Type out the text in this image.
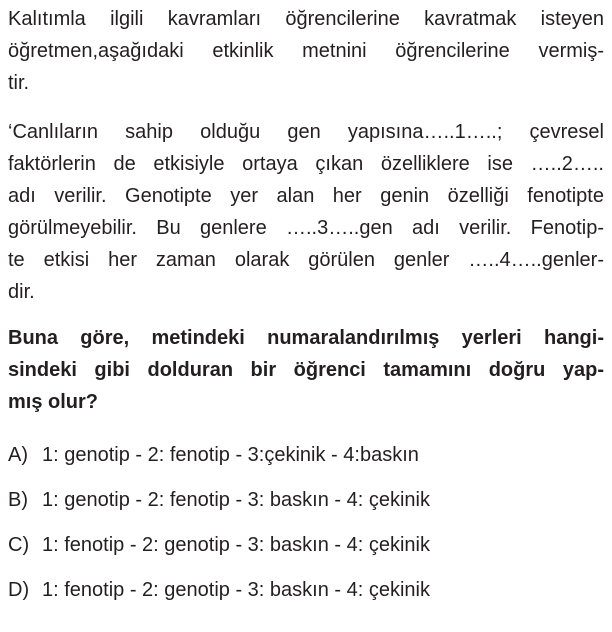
Kalıtımla ilgili kavramları öğrencilerine kavratmak isteyen
öğretmen,aşağıdaki etkinlik metnini öğrencilerine vermiş-
tir.
‘Canlıların sahip olduğu gen yapısına…..1…..; çevresel
faktörlerin de etkisiyle ortaya çıkan özelliklere ise …..2…..
adı verilir. Genotipte yer alan her genin özelliği fenotipte
görülmeyebilir. Bu genlere …..3…..gen adı verilir. Fenotip-
te etkisi her zaman olarak görülen genler …..4…..genler-
dir.
Buna göre, metindeki numaralandırılmış yerleri hangi-
sindeki gibi dolduran bir öğrenci tamamını doğru yap-
mış olur?
A) 1: genotip - 2: fenotip - 3:çekinik - 4:baskın
B) 1: genotip - 2: fenotip - 3: baskın - 4: çekinik
C) 1: fenotip - 2: genotip - 3: baskın - 4: çekinik
D) 1: fenotip - 2: genotip - 3: baskın - 4: çekinik
